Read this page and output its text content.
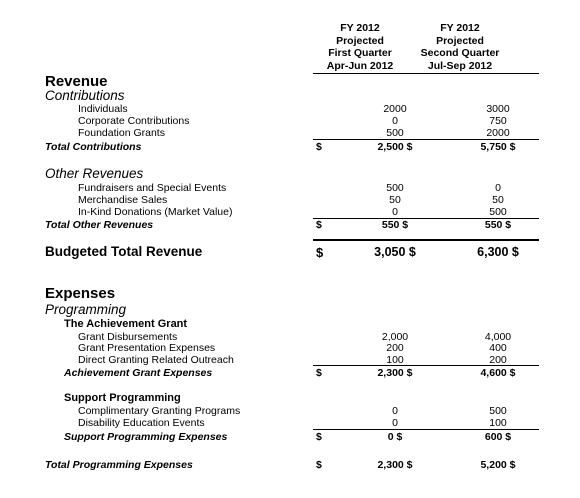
FY 2012
Projected
First Quarter
Apr-Jun 2012
FY 2012
Projected
Second Quarter
Jul-Sep 2012
Revenue
Contributions
Individuals	2000	3000
Corporate Contributions	0	750
Foundation Grants	500	2000
Total Contributions	$	2,500 $	5,750 $
Other Revenues
Fundraisers and Special Events	500	0
Merchandise Sales	50	50
In-Kind Donations (Market Value)	0	500
Total Other Revenues	$	550 $	550 $
Budgeted Total Revenue	$	3,050 $	6,300 $
Expenses
Programming
The Achievement Grant
Grant Disbursements	2,000	4,000
Grant Presentation Expenses	200	400
Direct Granting Related Outreach	100	200
Achievement Grant Expenses	$	2,300 $	4,600 $
Support Programming
Complimentary Granting Programs	0	500
Disability Education Events	0	100
Support Programming Expenses	$	0 $	600 $
Total Programming Expenses	$	2,300 $	5,200 $
